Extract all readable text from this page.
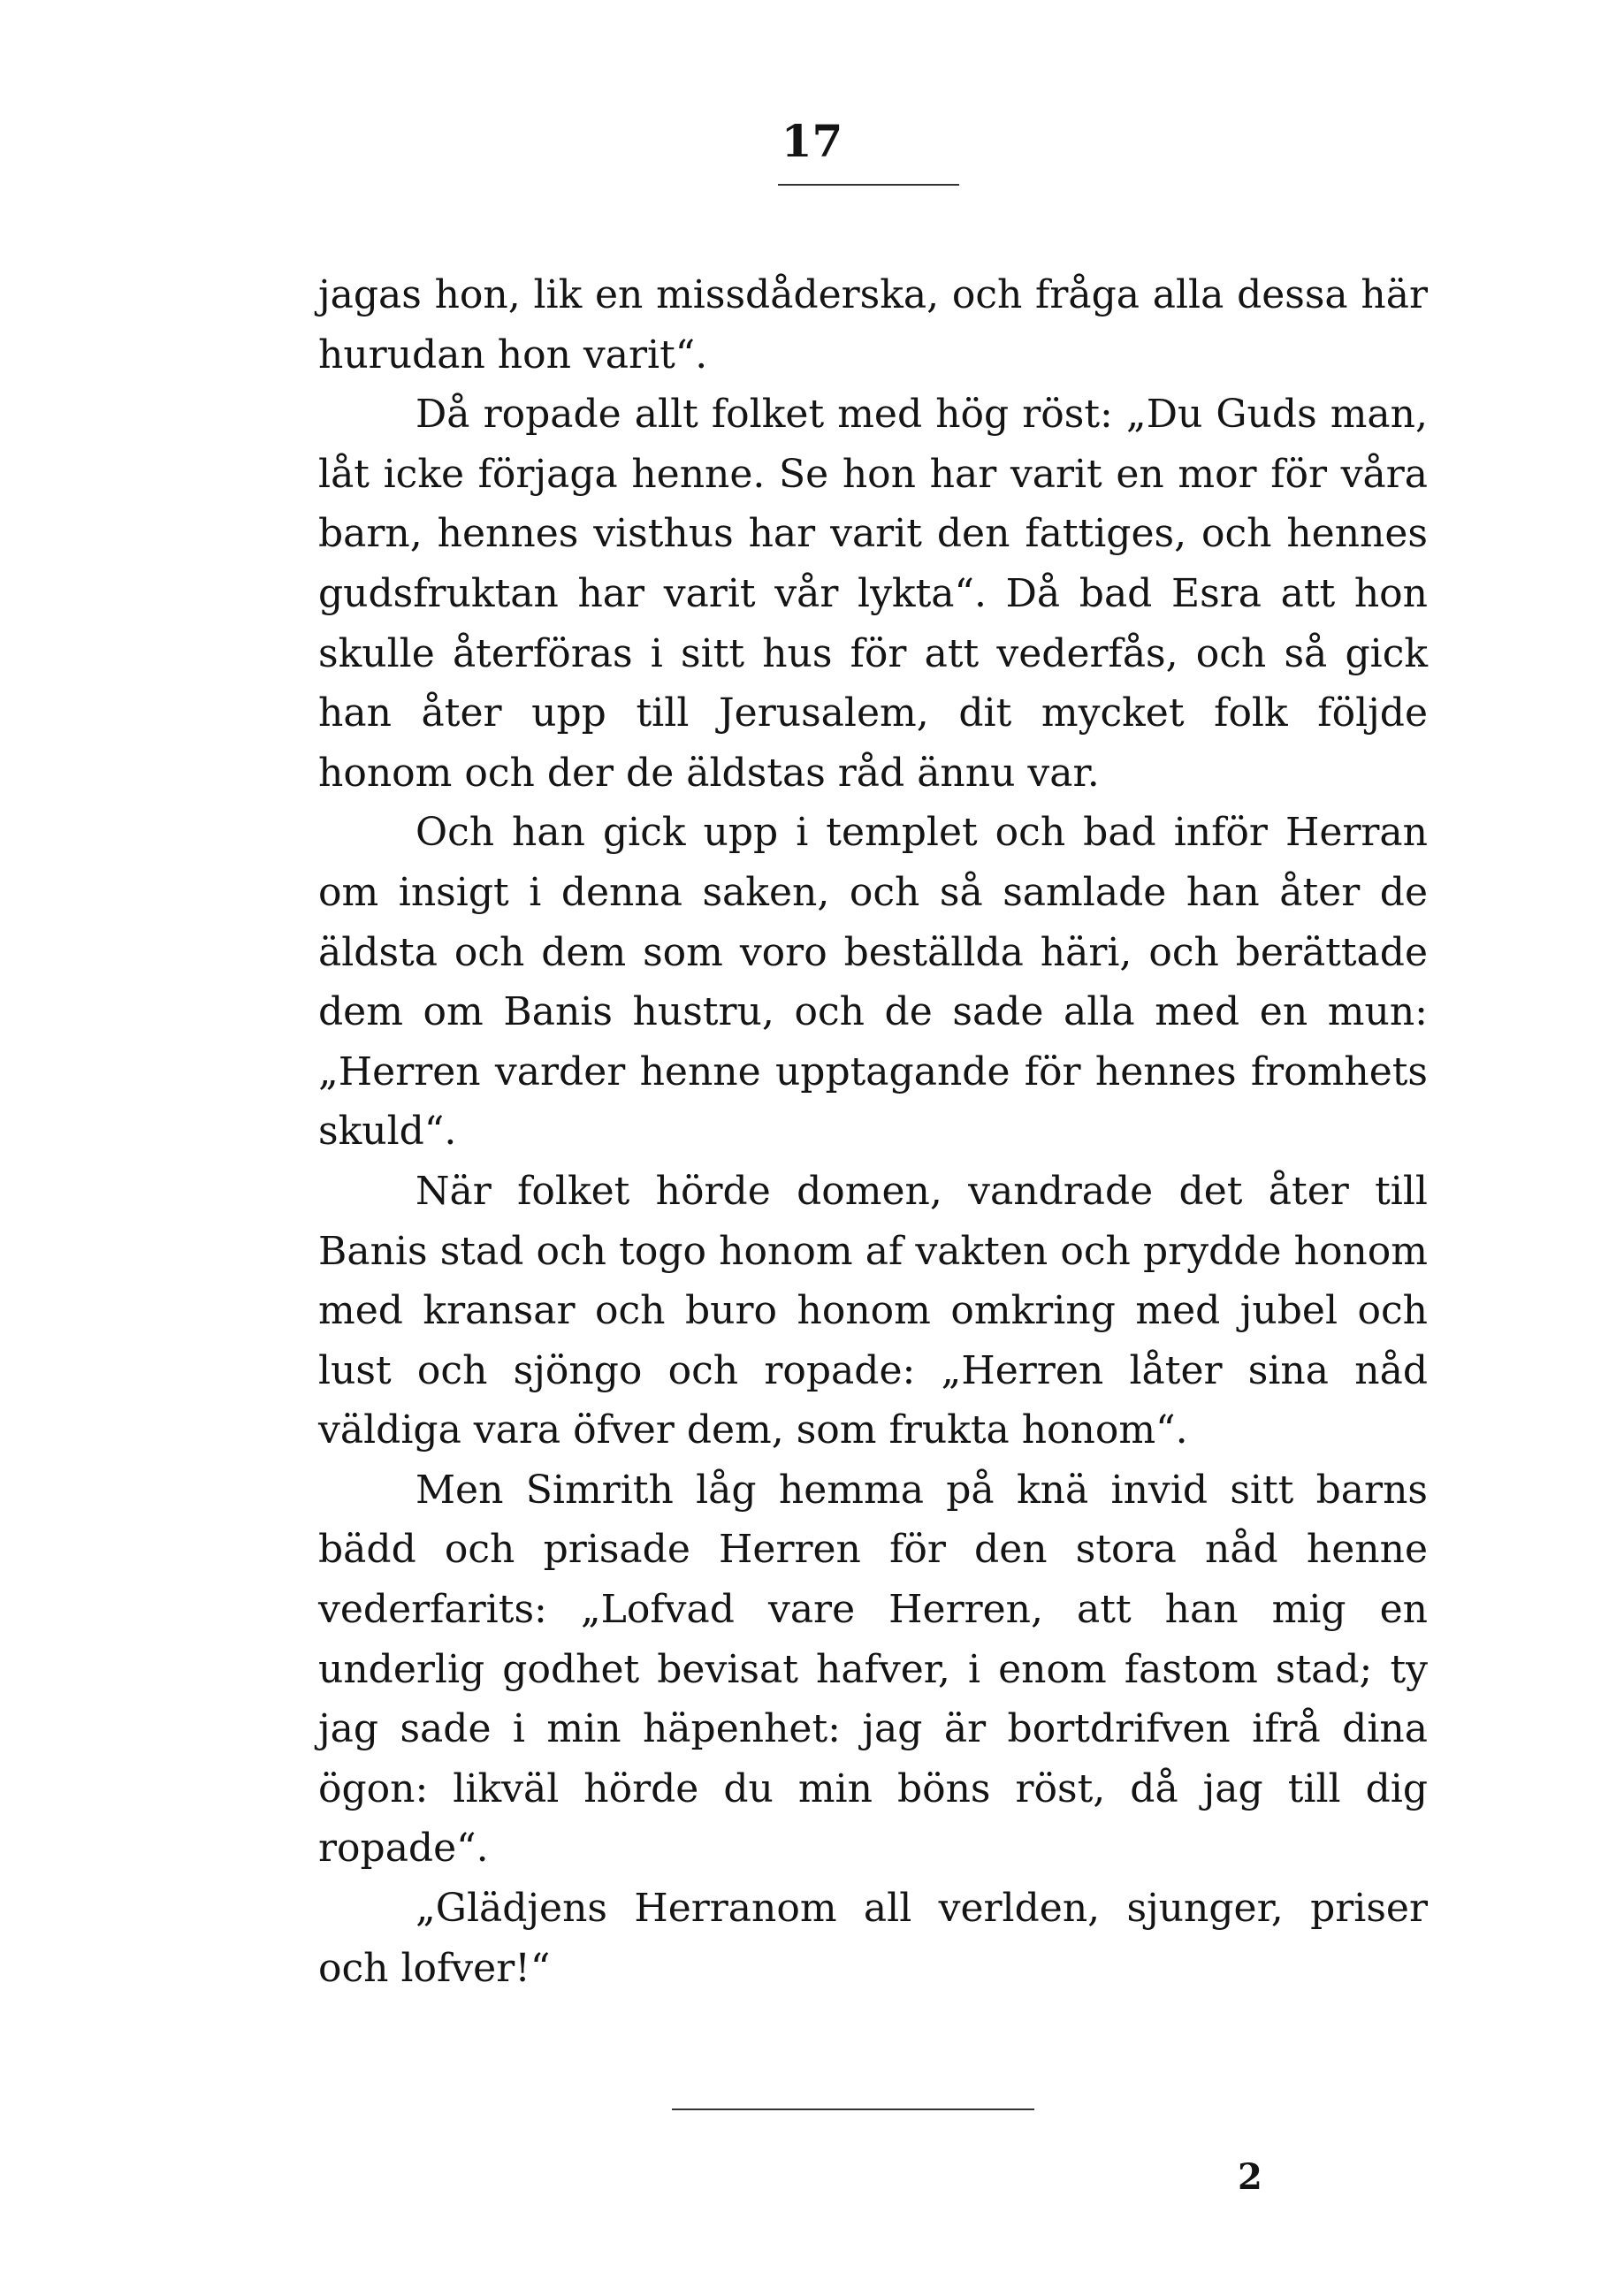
17

jagas hon, lik en missdåderska, och fråga alla dessa här hurudan hon varit“.

Då ropade allt folket med hög röst: „Du Guds man, låt icke förjaga henne. Se hon har varit en mor för våra barn, hennes visthus har varit den fattiges, och hennes gudsfruktan har varit vår lykta“. Då bad Esra att hon skulle återföras i sitt hus för att vederfås, och så gick han åter upp till Jerusalem, dit mycket folk följde honom och der de äldstas råd ännu var.

Och han gick upp i templet och bad inför Herran om insigt i denna saken, och så samlade han åter de äldsta och dem som voro beställda häri, och berättade dem om Banis hustru, och de sade alla med en mun: „Herren varder henne upptagande för hennes fromhets skuld“.

När folket hörde domen, vandrade det åter till Banis stad och togo honom af vakten och prydde honom med kransar och buro honom omkring med jubel och lust och sjöngo och ropade: „Herren låter sina nåd väldiga vara öfver dem, som frukta honom“.

Men Simrith låg hemma på knä invid sitt barns bädd och prisade Herren för den stora nåd henne vederfarits: „Lofvad vare Herren, att han mig en underlig godhet bevisat hafver, i enom fastom stad; ty jag sade i min häpenhet: jag är bortdrifven ifrå dina ögon: likväl hörde du min böns röst, då jag till dig ropade“.

„Glädjens Herranom all verlden, sjunger, priser och lofver!“

2
